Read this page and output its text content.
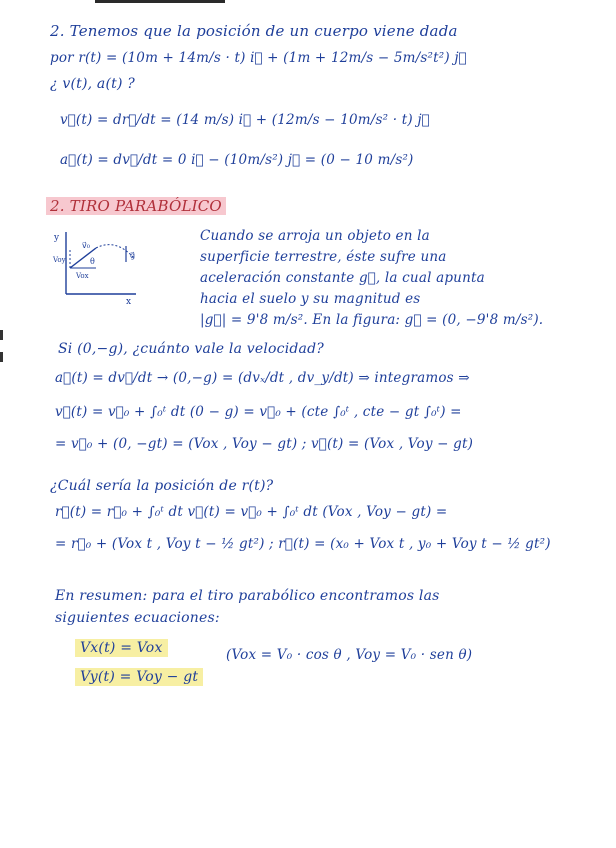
2. Tenemos que la posición de un cuerpo viene dada
por r(t) = (10m + 14m/s · t) i⃗ + (1m + 12m/s − 5m/s²t²) j⃗
¿ v(t), a(t) ?
v⃗(t) = dr⃗/dt = (14 m/s) i⃗ + (12m/s − 10m/s² · t) j⃗
a⃗(t) = dv⃗/dt = 0 i⃗ − (10m/s²) j⃗ = (0 − 10 m/s²)
2. TIRO PARABÓLICO
y
x
v⃗₀
Voy
Vox
θ
g⃗
Cuando se arroja un objeto en la
superficie terrestre, éste sufre una
aceleración constante g⃗, la cual apunta
hacia el suelo y su magnitud es
|g⃗| = 9'8 m/s². En la figura: g⃗ = (0, −9'8 m/s²).
Si (0,−g), ¿cuánto vale la velocidad?
a⃗(t) = dv⃗/dt → (0,−g) = (dvₓ/dt , dv_y/dt) ⇒ integramos ⇒
v⃗(t) = v⃗₀ + ∫₀ᵗ dt (0 − g) = v⃗₀ + (cte ∫₀ᵗ , cte − gt ∫₀ᵗ) =
= v⃗₀ + (0, −gt) = (Vox , Voy − gt) ; v⃗(t) = (Vox , Voy − gt)
¿Cuál sería la posición de r(t)?
r⃗(t) = r⃗₀ + ∫₀ᵗ dt v⃗(t) = v⃗₀ + ∫₀ᵗ dt (Vox , Voy − gt) =
= r⃗₀ + (Vox t , Voy t − ½ gt²) ; r⃗(t) = (x₀ + Vox t , y₀ + Voy t − ½ gt²)
En resumen: para el tiro parabólico encontramos las
siguientes ecuaciones:
Vx(t) = Vox	(Vox = V₀ · cos θ , Voy = V₀ · sen θ)
Vy(t) = Voy − gt
